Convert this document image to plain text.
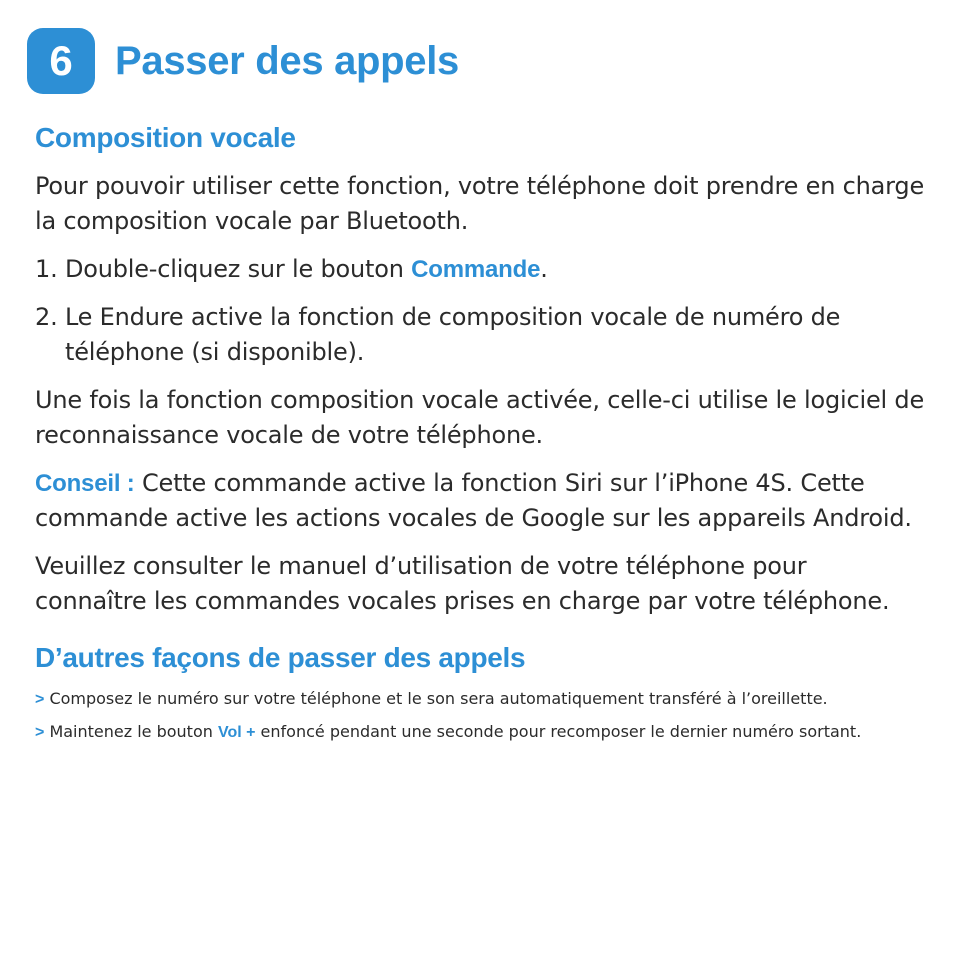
6	Passer des appels
Composition vocale

Pour pouvoir utiliser cette fonction, votre téléphone doit prendre en charge la composition vocale par Bluetooth.

1. Double-cliquez sur le bouton Commande.
2. Le Endure active la fonction de composition vocale de numéro de téléphone (si disponible).

Une fois la fonction composition vocale activée, celle-ci utilise le logiciel de reconnaissance vocale de votre téléphone.

Conseil : Cette commande active la fonction Siri sur l’iPhone 4S. Cette commande active les actions vocales de Google sur les appareils Android.

Veuillez consulter le manuel d’utilisation de votre téléphone pour connaître les commandes vocales prises en charge par votre téléphone.

D’autres façons de passer des appels
> Composez le numéro sur votre téléphone et le son sera automatiquement transféré à l’oreillette.
> Maintenez le bouton Vol + enfoncé pendant une seconde pour recomposer le dernier numéro sortant.
